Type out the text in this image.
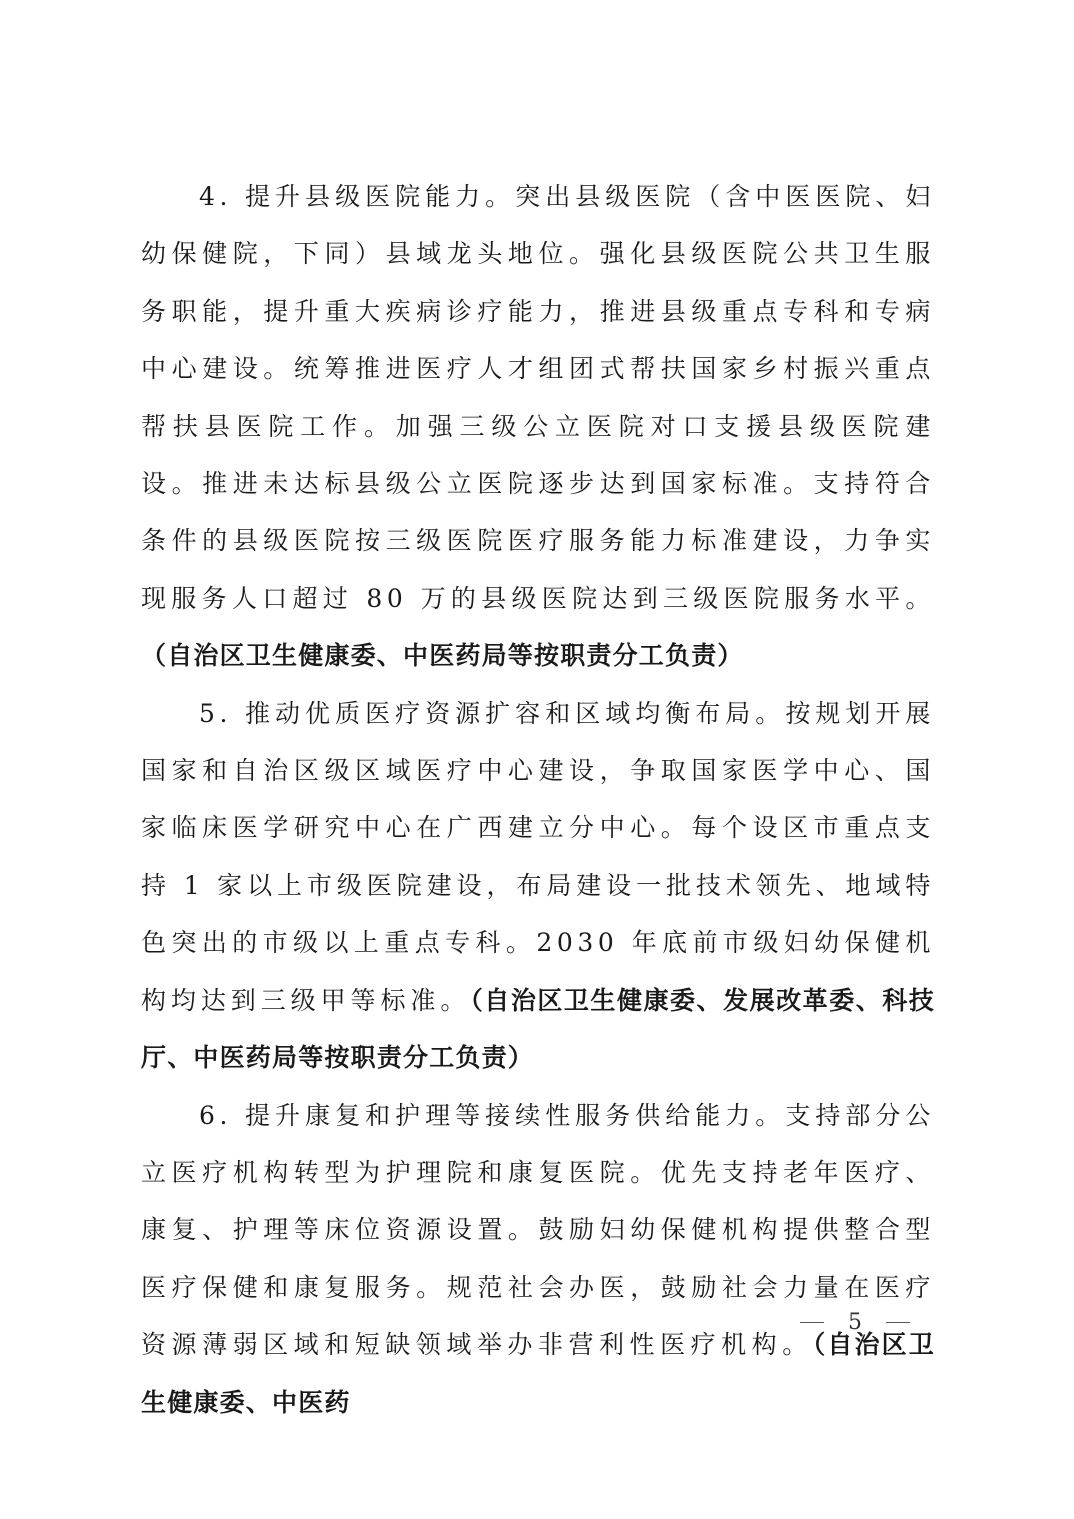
4. 提升县级医院能力。突出县级医院（含中医医院、妇幼保健院，下同）县域龙头地位。强化县级医院公共卫生服务职能，提升重大疾病诊疗能力，推进县级重点专科和专病中心建设。统筹推进医疗人才组团式帮扶国家乡村振兴重点帮扶县医院工作。加强三级公立医院对口支援县级医院建设。推进未达标县级公立医院逐步达到国家标准。支持符合条件的县级医院按三级医院医疗服务能力标准建设，力争实现服务人口超过 80 万的县级医院达到三级医院服务水平。（自治区卫生健康委、中医药局等按职责分工负责）

5. 推动优质医疗资源扩容和区域均衡布局。按规划开展国家和自治区级区域医疗中心建设，争取国家医学中心、国家临床医学研究中心在广西建立分中心。每个设区市重点支持 1 家以上市级医院建设，布局建设一批技术领先、地域特色突出的市级以上重点专科。2030 年底前市级妇幼保健机构均达到三级甲等标准。（自治区卫生健康委、发展改革委、科技厅、中医药局等按职责分工负责）

6. 提升康复和护理等接续性服务供给能力。支持部分公立医疗机构转型为护理院和康复医院。优先支持老年医疗、康复、护理等床位资源设置。鼓励妇幼保健机构提供整合型医疗保健和康复服务。规范社会办医，鼓励社会力量在医疗资源薄弱区域和短缺领域举办非营利性医疗机构。（自治区卫生健康委、中医药

5
